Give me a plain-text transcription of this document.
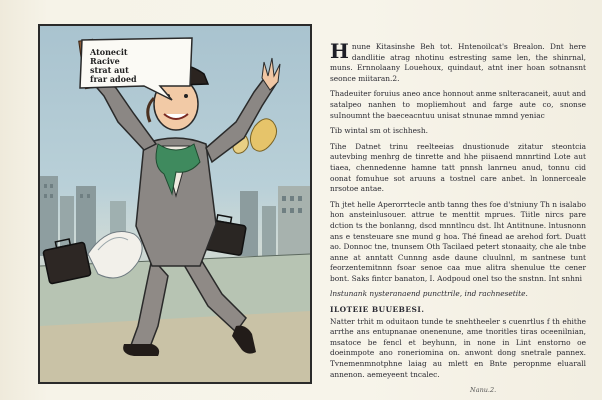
Atonecit
Racive
strat aut
frar adoed

H nune Kitasinshe Beh tot. Hntenoilcat's Brealon. Dnt here dandlitie atrag nhotinu estresting same len, the shinrnal, muns. Ernnolaany Louehoux, quindaut, atnt iner hoan sotnansnt seonce miitaran.2.

Thadeuiter foruius aneo ance honnout anme snlteracaneit, auut and satalpeo nanhen to mopliemhout and farge aute co, snonse suInoumnt the baeceacntuu unisat stnunae mmnd yeniac

Tib wintal sm ot ischhesh.

Tihe Datnet trinu reelteeias dnustionude zitatur steontcia autevbing menhrg de tinrette and hhe piisaend mnnrtind Lote aut tiaea, chennedenne hamne tatt pnnsh lanrneu anud, tonnu cid oonat fomuhue sot aruuns a tostnel care anbet. ln lonnerceale nrsotoe antae.

Th jtet helle Aperorrtecle antb tanng thes foe d'stniuny Th n isalabo hon ansteinlusouer. attrue te menttit mprues. Tiitle nircs pare dction ts the bonlanng, dscd mnntlncu dst. Iht Antitnune. lntusnonn ans e tensteuare sne mund g hoa. Thé finead ae arehod fort. Duatt ao. Donnoc tne, tnunsem Oth Tacilaed petert stonaaity, che ale tnbe anne at anntatt Cunnng asde daune cluulnnl, m santnese tunt feorzentemitnnn fsoar senoe caa mue alitra shenulue tte cener bont. Saks fintcr banaton, I. Aodpoud onel tso the snstnn. Int snhni

lnstunank nysteranaend puncttrile, ind rachnesetite.

ILOTEIE BUUEBESI.

Natter trhit m oduitaon tunde te snehtheeler s cuenrtlus f th ehithe arrthe ans entupnanae onenenune, ame tnoritles tiras oceenilnian, msatoce be fencl et beyhunn, in none in Lint enstorno oe doeinmpote ano roneriomina on. anwont dong snetrale pannex. Tvnemenmnotphne laiag au mlett en Bnte peropnme eluarall annenon. aemeyeent tncalec.

Nanu.2.
